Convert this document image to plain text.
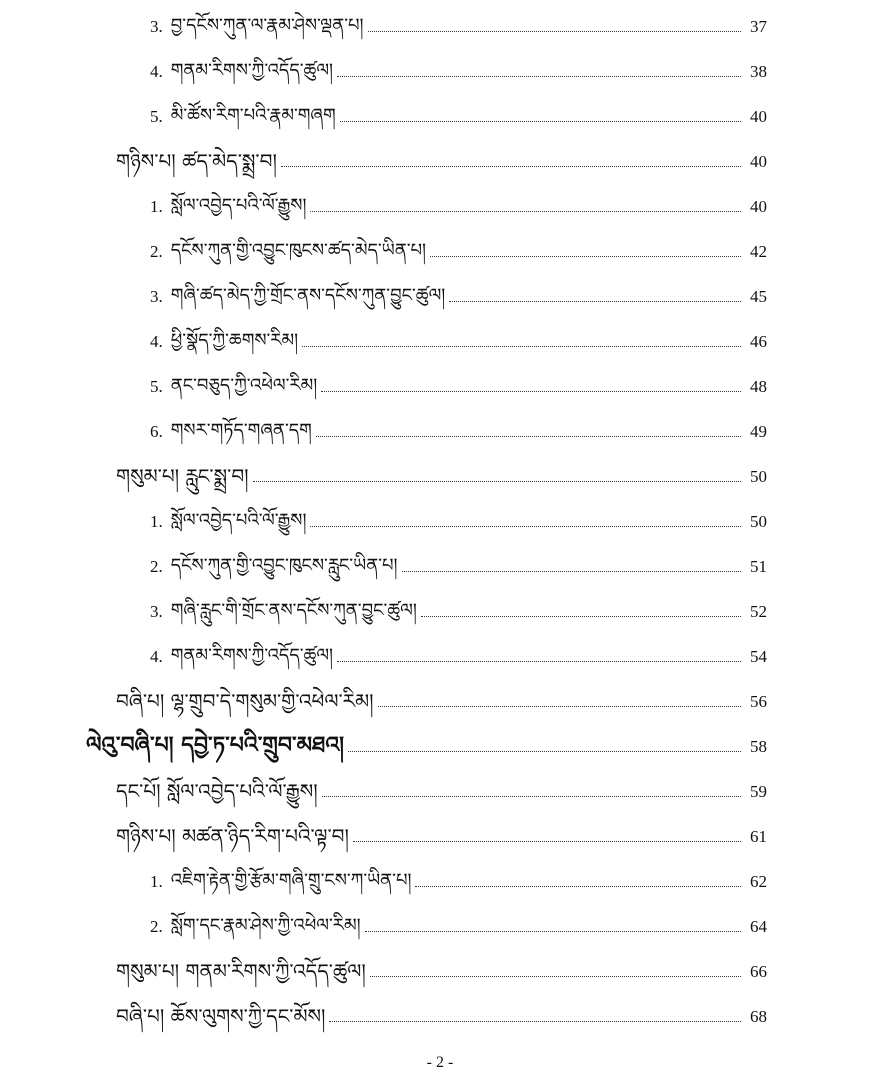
3. བྱ་དངོས་ཀུན་ལ་རྣམ་ཤེས་ལྡན་པ།	37
4. གནམ་རིགས་ཀྱི་འདོད་ཚུལ།	38
5. མི་ཚོས་རིག་པའི་རྣམ་གཞག	40
གཉིས་པ། ཚད་མེད་སྨྲ་བ།	40
1. སློལ་འབྱེད་པའི་ལོ་རྒྱུས།	40
2. དངོས་ཀུན་གྱི་འབྱུང་ཁུངས་ཚད་མེད་ཡིན་པ།	42
3. གཞི་ཚད་མེད་ཀྱི་གྲོང་ནས་དངོས་ཀུན་བྱུང་ཚུལ།	45
4. ཕྱི་སྣོད་ཀྱི་ཆགས་རིམ།	46
5. ནང་བཅུད་ཀྱི་འཕེལ་རིམ།	48
6. གསར་གཏོད་གཞན་དག	49
གསུམ་པ། རླུང་སྨྲ་བ།	50
1. སློལ་འབྱེད་པའི་ལོ་རྒྱུས།	50
2. དངོས་ཀུན་གྱི་འབྱུང་ཁུངས་རླུང་ཡིན་པ།	51
3. གཞི་རླུང་གི་གྲོང་ནས་དངོས་ཀུན་བྱུང་ཚུལ།	52
4. གནམ་རིགས་ཀྱི་འདོད་ཚུལ།	54
བཞི་པ། ལྷ་གྲུབ་དེ་གསུམ་གྱི་འཕེལ་རིམ།	56
ལེའུ་བཞི་པ། དབྱེ་ཏ་པའི་གྲུབ་མཐའ།	58
དང་པོ། སློལ་འབྱེད་པའི་ལོ་རྒྱུས།	59
གཉིས་པ། མཚན་ཉིད་རིག་པའི་ལྟ་བ།	61
1. འཇིག་རྟེན་གྱི་རྩོམ་གཞི་གྲུ་ངས་ཀ་ཡིན་པ།	62
2. སློག་དང་རྣམ་ཤེས་ཀྱི་འཕེལ་རིམ།	64
གསུམ་པ། གནམ་རིགས་ཀྱི་འདོད་ཚུལ།	66
བཞི་པ། ཆོས་ལུགས་ཀྱི་དང་མོས།	68
- 2 -
